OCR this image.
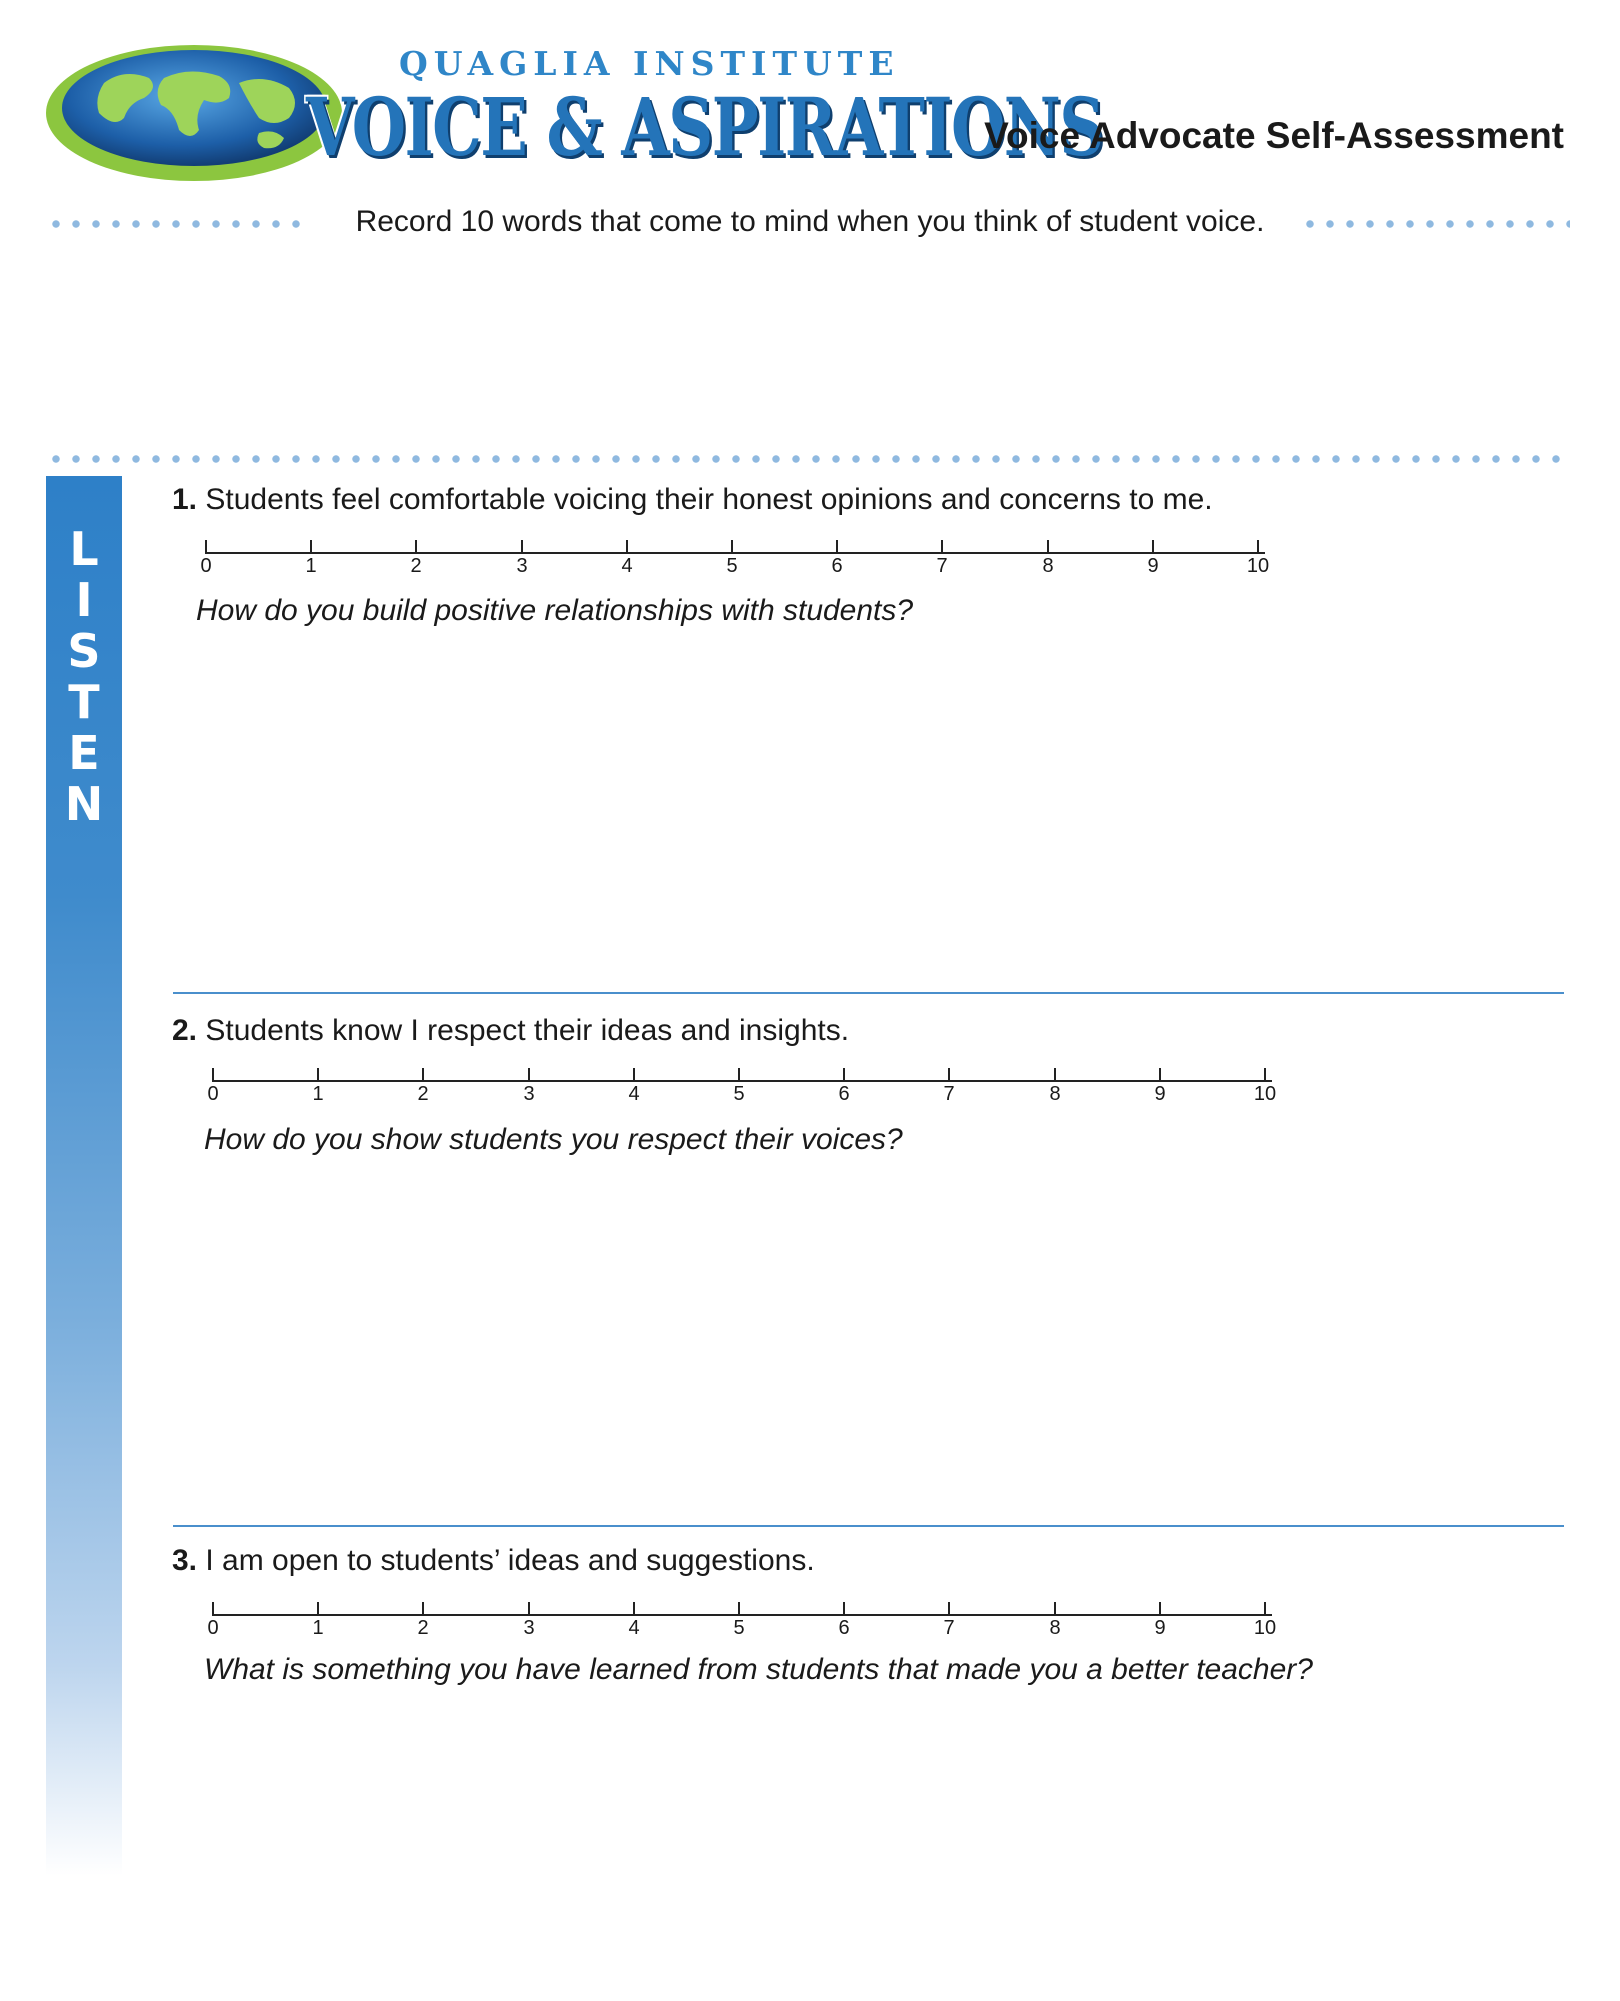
QUAGLIA INSTITUTE
VOICE & ASPIRATIONS
Voice Advocate Self-Assessment
Record 10 words that come to mind when you think of student voice.
L
I
S
T
E
N
1. Students feel comfortable voicing their honest opinions and concerns to me.
0	1	2	3	4	5	6	7	8	9	10
How do you build positive relationships with students?
2. Students know I respect their ideas and insights.
0	1	2	3	4	5	6	7	8	9	10
How do you show students you respect their voices?
3. I am open to students’ ideas and suggestions.
0	1	2	3	4	5	6	7	8	9	10
What is something you have learned from students that made you a better teacher?
